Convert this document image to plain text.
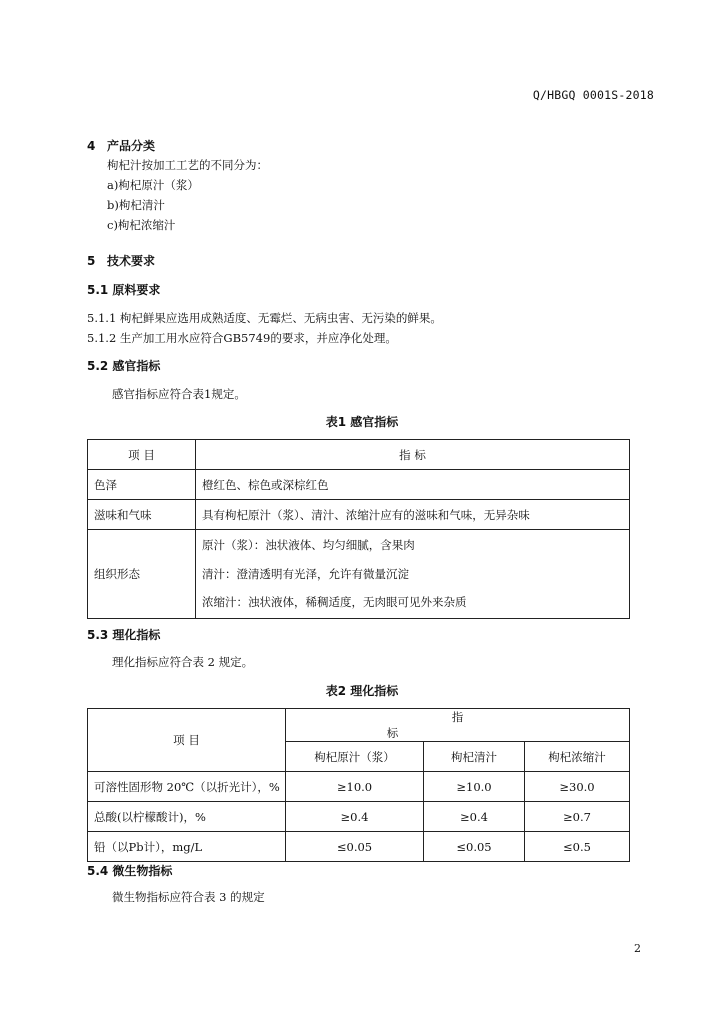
Q/HBGQ 0001S-2018
4 产品分类
枸杞汁按加工工艺的不同分为：
a)枸杞原汁（浆）
b)枸杞清汁
c)枸杞浓缩汁
5 技术要求
5.1 原料要求
5.1.1 枸杞鲜果应选用成熟适度、无霉烂、无病虫害、无污染的鲜果。
5.1.2 生产加工用水应符合GB5749的要求，并应净化处理。
5.2 感官指标
感官指标应符合表1规定。
表1 感官指标
项 目	指 标
色泽	橙红色、棕色或深棕红色
滋味和气味	具有枸杞原汁（浆）、清汁、浓缩汁应有的滋味和气味，无异杂味
组织形态	原汁（浆）：浊状液体、均匀细腻，含果肉
清汁：澄清透明有光泽，允许有微量沉淀
浓缩汁：浊状液体，稀稠适度，无肉眼可见外来杂质
5.3 理化指标
理化指标应符合表 2 规定。
表2 理化指标
项 目	指标		
	枸杞原汁（浆）	枸杞清汁	枸杞浓缩汁
可溶性固形物 20℃（以折光计），%	≥10.0	≥10.0	≥30.0
总酸(以柠檬酸计)，%	≥0.4	≥0.4	≥0.7
铅（以Pb计），mg/L	≤0.05	≤0.05	≤0.5
5.4 微生物指标
微生物指标应符合表 3 的规定
2
